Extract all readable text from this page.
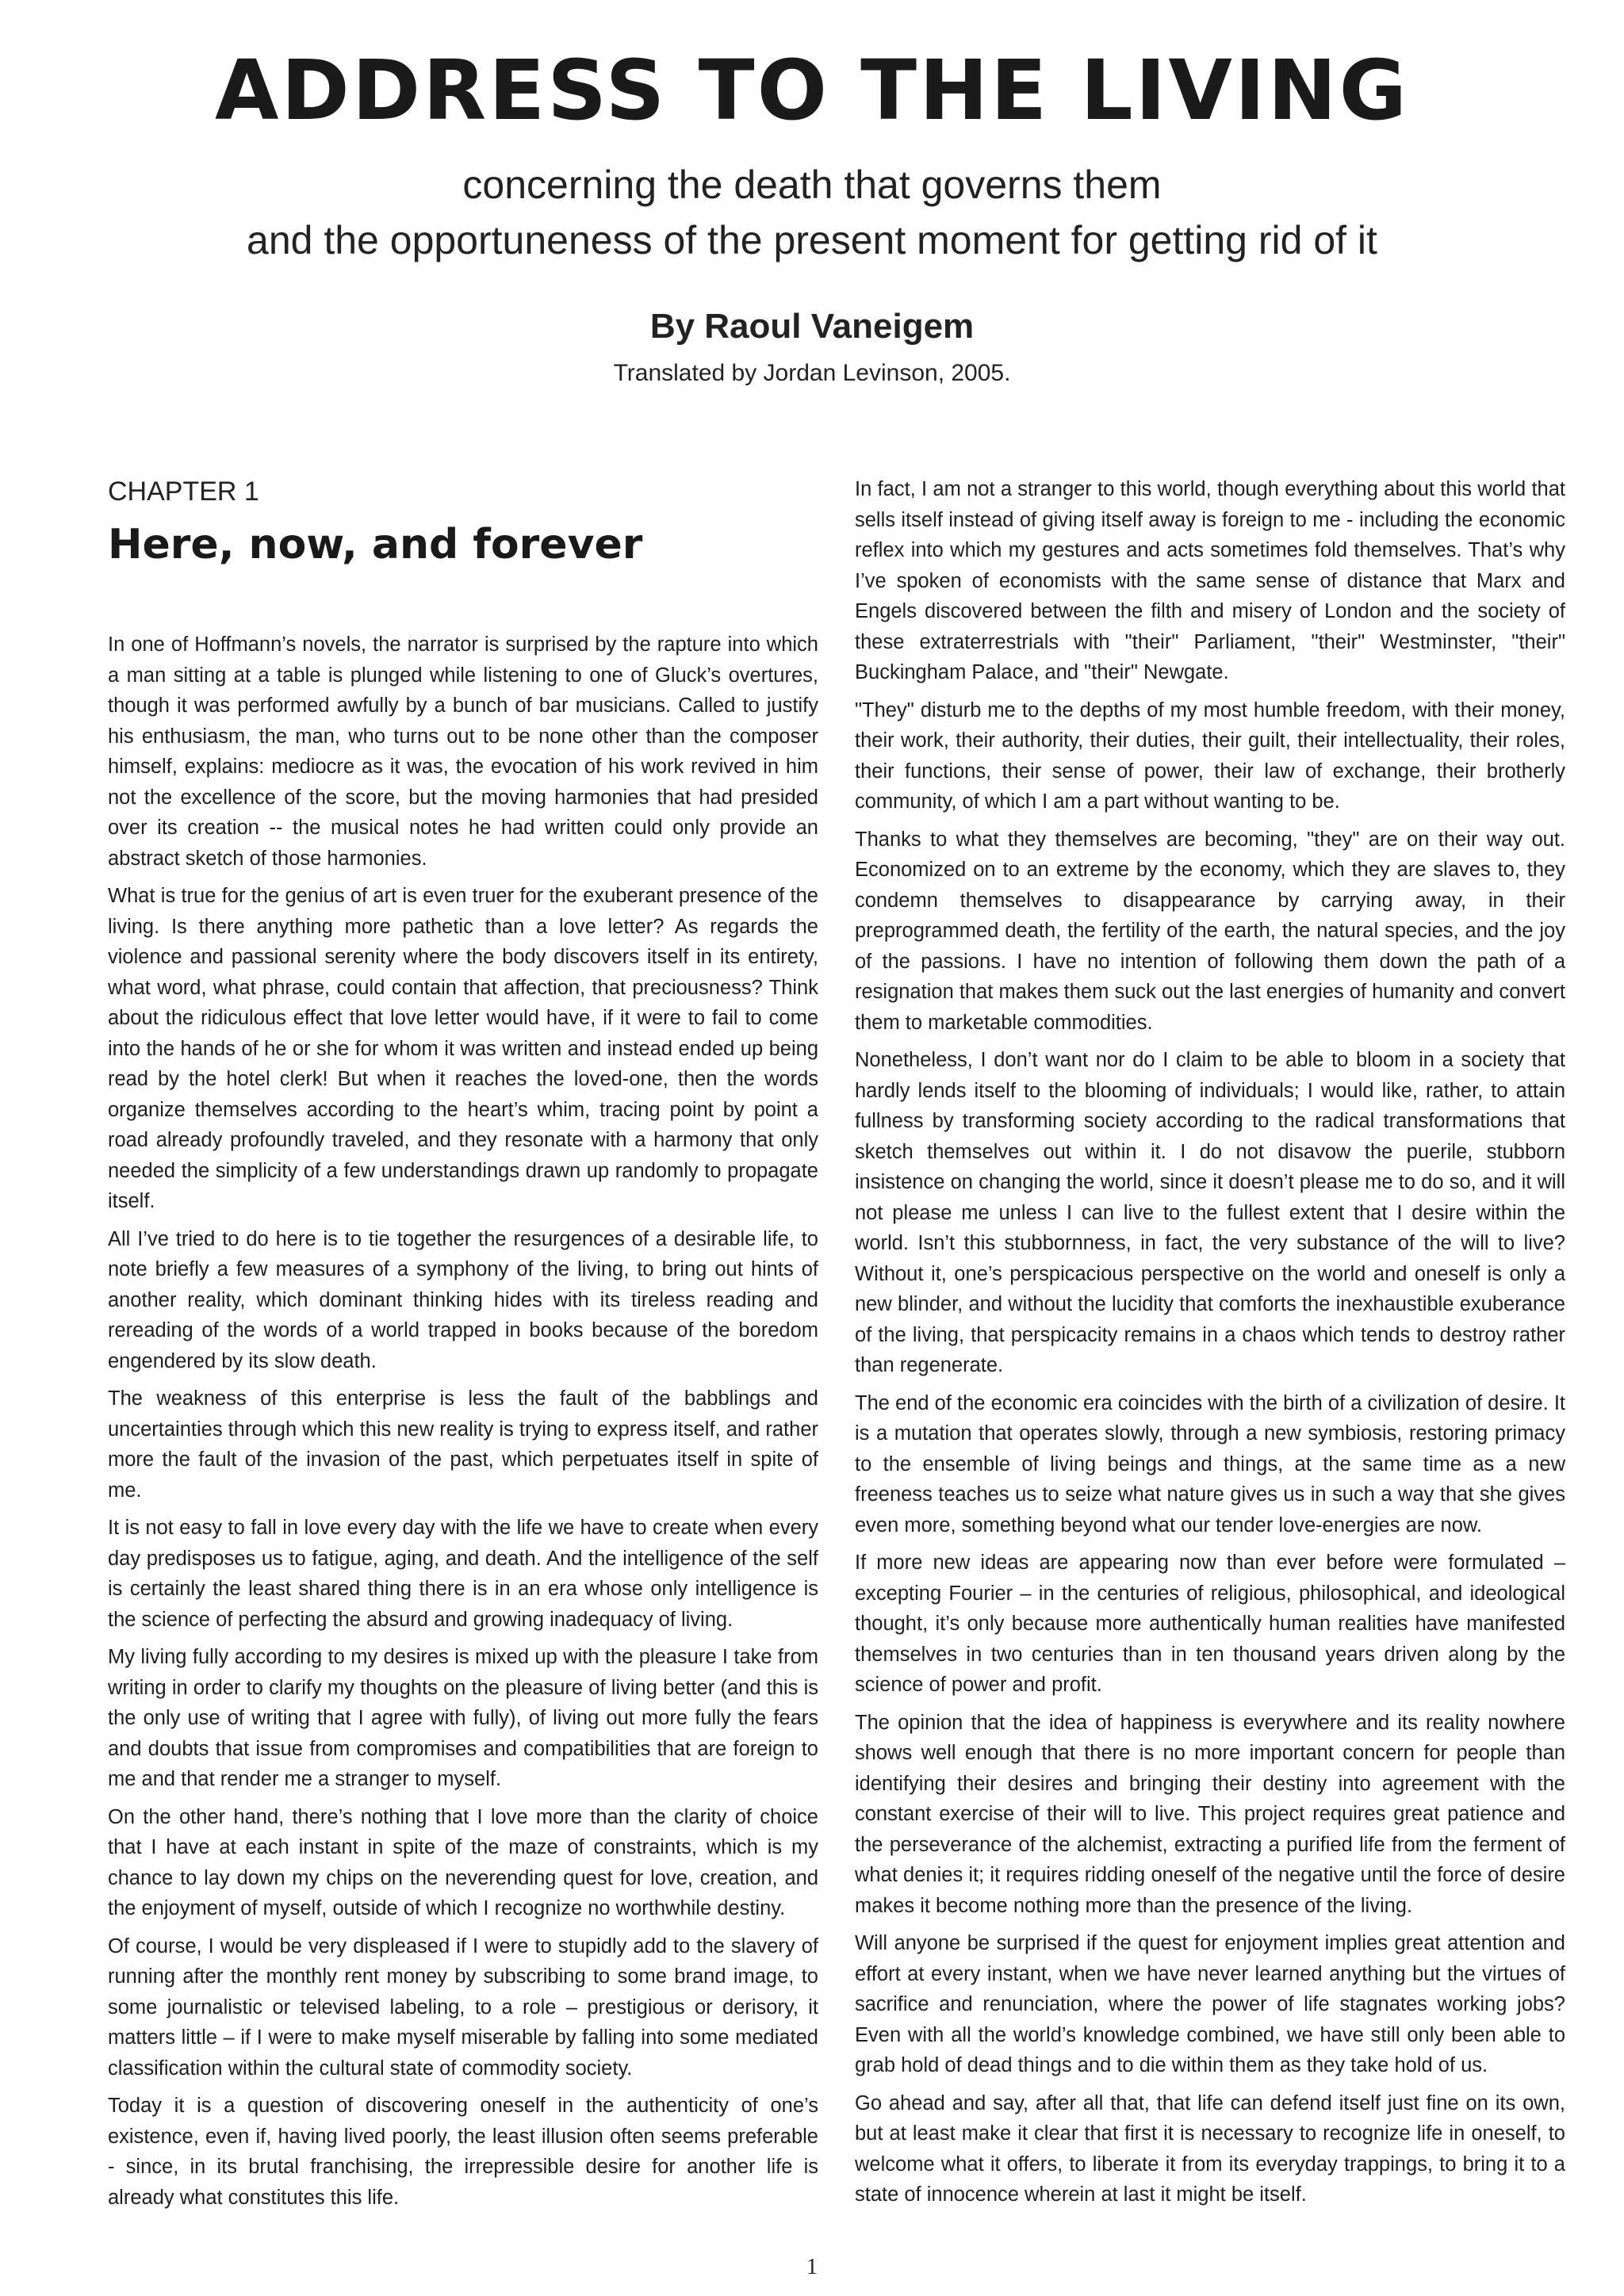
ADDRESS TO THE LIVING
concerning the death that governs them
and the opportuneness of the present moment for getting rid of it
By Raoul Vaneigem
Translated by Jordan Levinson, 2005.
CHAPTER 1
Here, now, and forever

In one of Hoffmann’s novels, the narrator is surprised by the rapture into which a man sitting at a table is plunged while listening to one of Gluck’s overtures, though it was performed awfully by a bunch of bar musicians. Called to justify his enthusiasm, the man, who turns out to be none other than the composer himself, explains: mediocre as it was, the evocation of his work revived in him not the excellence of the score, but the moving harmonies that had presided over its creation -- the musical notes he had written could only provide an abstract sketch of those harmonies.

What is true for the genius of art is even truer for the exuberant presence of the living. Is there anything more pathetic than a love letter? As regards the violence and passional serenity where the body discovers itself in its entirety, what word, what phrase, could contain that affection, that preciousness? Think about the ridiculous effect that love letter would have, if it were to fail to come into the hands of he or she for whom it was written and instead ended up being read by the hotel clerk! But when it reaches the loved-one, then the words organize themselves according to the heart’s whim, tracing point by point a road already profoundly traveled, and they resonate with a harmony that only needed the simplicity of a few understandings drawn up randomly to propagate itself.

All I’ve tried to do here is to tie together the resurgences of a desirable life, to note briefly a few measures of a symphony of the living, to bring out hints of another reality, which dominant thinking hides with its tireless reading and rereading of the words of a world trapped in books because of the boredom engendered by its slow death.

The weakness of this enterprise is less the fault of the babblings and uncertainties through which this new reality is trying to express itself, and rather more the fault of the invasion of the past, which perpetuates itself in spite of me.

It is not easy to fall in love every day with the life we have to create when every day predisposes us to fatigue, aging, and death. And the intelligence of the self is certainly the least shared thing there is in an era whose only intelligence is the science of perfecting the absurd and growing inadequacy of living.

My living fully according to my desires is mixed up with the pleasure I take from writing in order to clarify my thoughts on the pleasure of living better (and this is the only use of writing that I agree with fully), of living out more fully the fears and doubts that issue from compromises and compatibilities that are foreign to me and that render me a stranger to myself.

On the other hand, there’s nothing that I love more than the clarity of choice that I have at each instant in spite of the maze of constraints, which is my chance to lay down my chips on the neverending quest for love, creation, and the enjoyment of myself, outside of which I recognize no worthwhile destiny.

Of course, I would be very displeased if I were to stupidly add to the slavery of running after the monthly rent money by subscribing to some brand image, to some journalistic or televised labeling, to a role – prestigious or derisory, it matters little – if I were to make myself miserable by falling into some mediated classification within the cultural state of commodity society.

Today it is a question of discovering oneself in the authenticity of one’s existence, even if, having lived poorly, the least illusion often seems preferable - since, in its brutal franchising, the irrepressible desire for another life is already what constitutes this life.

In fact, I am not a stranger to this world, though everything about this world that sells itself instead of giving itself away is foreign to me - including the economic reflex into which my gestures and acts sometimes fold themselves. That’s why I’ve spoken of economists with the same sense of distance that Marx and Engels discovered between the filth and misery of London and the society of these extraterrestrials with "their" Parliament, "their" Westminster, "their" Buckingham Palace, and "their" Newgate.

"They" disturb me to the depths of my most humble freedom, with their money, their work, their authority, their duties, their guilt, their intellectuality, their roles, their functions, their sense of power, their law of exchange, their brotherly community, of which I am a part without wanting to be.

Thanks to what they themselves are becoming, "they" are on their way out. Economized on to an extreme by the economy, which they are slaves to, they condemn themselves to disappearance by carrying away, in their preprogrammed death, the fertility of the earth, the natural species, and the joy of the passions. I have no intention of following them down the path of a resignation that makes them suck out the last energies of humanity and convert them to marketable commodities.

Nonetheless, I don’t want nor do I claim to be able to bloom in a society that hardly lends itself to the blooming of individuals; I would like, rather, to attain fullness by transforming society according to the radical transformations that sketch themselves out within it. I do not disavow the puerile, stubborn insistence on changing the world, since it doesn’t please me to do so, and it will not please me unless I can live to the fullest extent that I desire within the world. Isn’t this stubbornness, in fact, the very substance of the will to live? Without it, one’s perspicacious perspective on the world and oneself is only a new blinder, and without the lucidity that comforts the inexhaustible exuberance of the living, that perspicacity remains in a chaos which tends to destroy rather than regenerate.

The end of the economic era coincides with the birth of a civilization of desire. It is a mutation that operates slowly, through a new symbiosis, restoring primacy to the ensemble of living beings and things, at the same time as a new freeness teaches us to seize what nature gives us in such a way that she gives even more, something beyond what our tender love-energies are now.

If more new ideas are appearing now than ever before were formulated – excepting Fourier – in the centuries of religious, philosophical, and ideological thought, it’s only because more authentically human realities have manifested themselves in two centuries than in ten thousand years driven along by the science of power and profit.

The opinion that the idea of happiness is everywhere and its reality nowhere shows well enough that there is no more important concern for people than identifying their desires and bringing their destiny into agreement with the constant exercise of their will to live. This project requires great patience and the perseverance of the alchemist, extracting a purified life from the ferment of what denies it; it requires ridding oneself of the negative until the force of desire makes it become nothing more than the presence of the living.

Will anyone be surprised if the quest for enjoyment implies great attention and effort at every instant, when we have never learned anything but the virtues of sacrifice and renunciation, where the power of life stagnates working jobs? Even with all the world’s knowledge combined, we have still only been able to grab hold of dead things and to die within them as they take hold of us.

Go ahead and say, after all that, that life can defend itself just fine on its own, but at least make it clear that first it is necessary to recognize life in oneself, to welcome what it offers, to liberate it from its everyday trappings, to bring it to a state of innocence wherein at last it might be itself.

1
